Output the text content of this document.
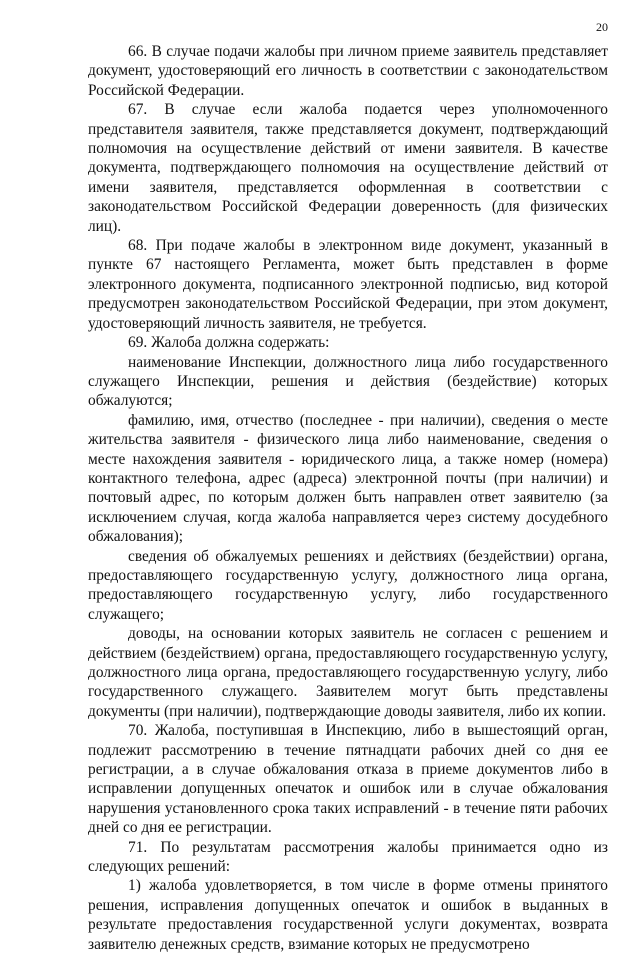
20

66. В случае подачи жалобы при личном приеме заявитель представляет документ, удостоверяющий его личность в соответствии с законодательством Российской Федерации.

67. В случае если жалоба подается через уполномоченного представителя заявителя, также представляется документ, подтверждающий полномочия на осуществление действий от имени заявителя. В качестве документа, подтверждающего полномочия на осуществление действий от имени заявителя, представляется оформленная в соответствии с законодательством Российской Федерации доверенность (для физических лиц).

68. При подаче жалобы в электронном виде документ, указанный в пункте 67 настоящего Регламента, может быть представлен в форме электронного документа, подписанного электронной подписью, вид которой предусмотрен законодательством Российской Федерации, при этом документ, удостоверяющий личность заявителя, не требуется.

69. Жалоба должна содержать:

наименование Инспекции, должностного лица либо государственного служащего Инспекции, решения и действия (бездействие) которых обжалуются;

фамилию, имя, отчество (последнее - при наличии), сведения о месте жительства заявителя - физического лица либо наименование, сведения о месте нахождения заявителя - юридического лица, а также номер (номера) контактного телефона, адрес (адреса) электронной почты (при наличии) и почтовый адрес, по которым должен быть направлен ответ заявителю (за исключением случая, когда жалоба направляется через систему досудебного обжалования);

сведения об обжалуемых решениях и действиях (бездействии) органа, предоставляющего государственную услугу, должностного лица органа, предоставляющего государственную услугу, либо государственного служащего;

доводы, на основании которых заявитель не согласен с решением и действием (бездействием) органа, предоставляющего государственную услугу, должностного лица органа, предоставляющего государственную услугу, либо государственного служащего. Заявителем могут быть представлены документы (при наличии), подтверждающие доводы заявителя, либо их копии.

70. Жалоба, поступившая в Инспекцию, либо в вышестоящий орган, подлежит рассмотрению в течение пятнадцати рабочих дней со дня ее регистрации, а в случае обжалования отказа в приеме документов либо в исправлении допущенных опечаток и ошибок или в случае обжалования нарушения установленного срока таких исправлений - в течение пяти рабочих дней со дня ее регистрации.

71. По результатам рассмотрения жалобы принимается одно из следующих решений:

1) жалоба удовлетворяется, в том числе в форме отмены принятого решения, исправления допущенных опечаток и ошибок в выданных в результате предоставления государственной услуги документах, возврата заявителю денежных средств, взимание которых не предусмотрено
